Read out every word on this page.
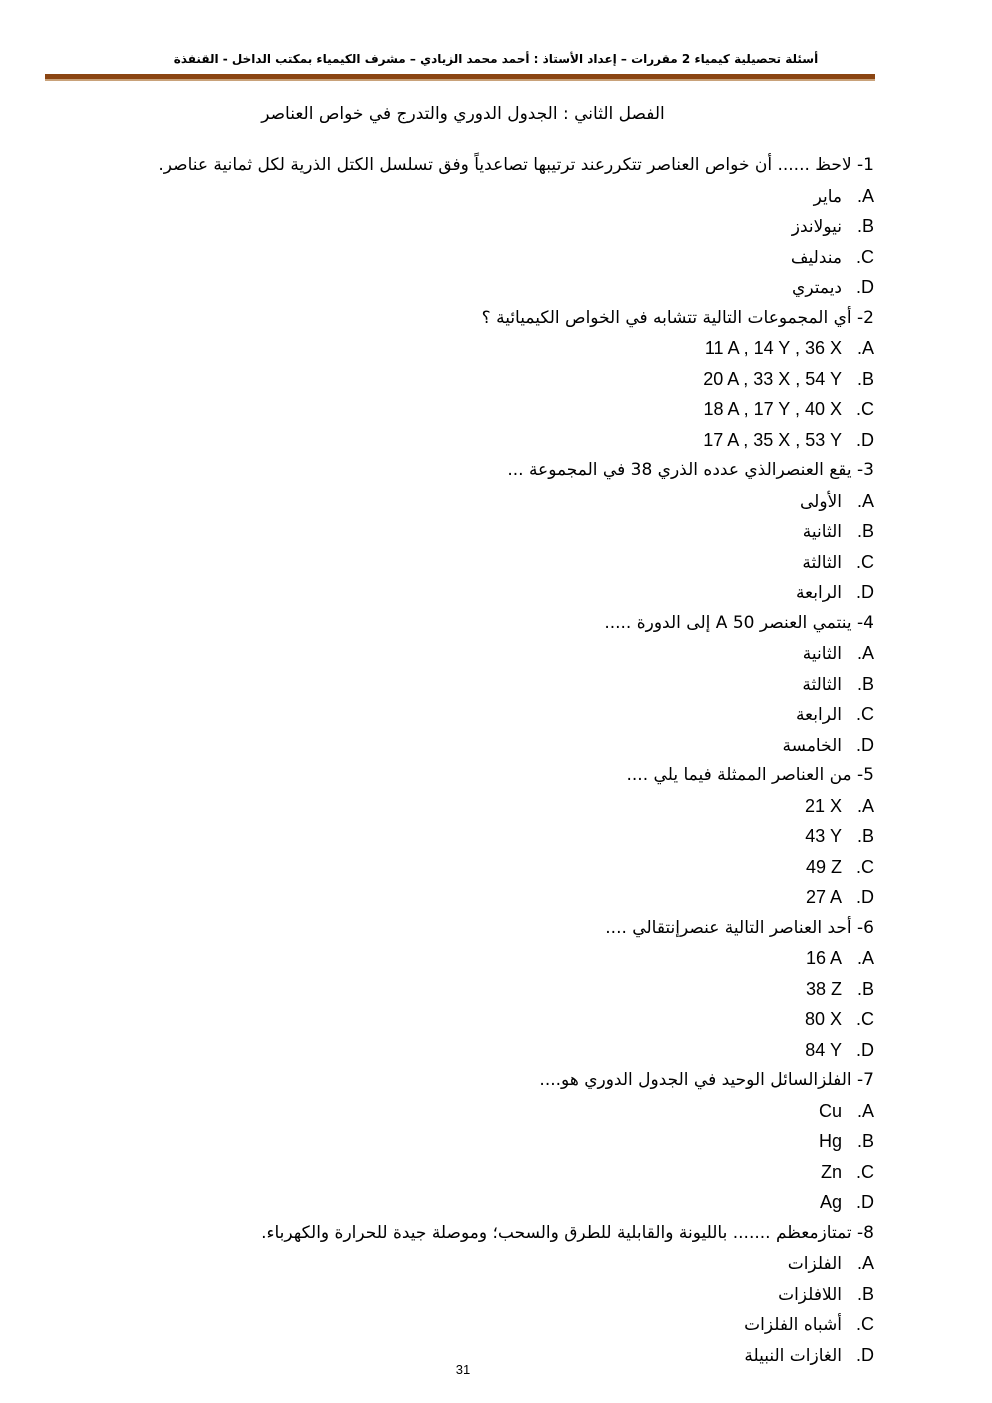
أسئلة تحصيلية كيمياء 2 مقررات – إعداد الأستاذ : أحمد محمد الزيادي – مشرف الكيمياء بمكتب الداخل - القنفذة
الفصل الثاني : الجدول الدوري والتدرج في خواص العناصر
1- لاحظ ...... أن خواص العناصر تتكررعند ترتيبها تصاعدياً وفق تسلسل الكتل الذرية لكل ثمانية عناصر.
A.ماير
B.نيولاندز
C.مندليف
D.ديمتري
2- أي المجموعات التالية تتشابه في الخواص الكيميائية ؟
A.11 A , 14 Y , 36 X
B.20 A , 33 X , 54 Y
C.18 A , 17 Y , 40 X
D.17 A , 35 X , 53 Y
3- يقع العنصرالذي عدده الذري 38 في المجموعة ...
A.الأولى
B.الثانية
C.الثالثة
D.الرابعة
4- ينتمي العنصر 50 A إلى الدورة .....
A.الثانية
B.الثالثة
C.الرابعة
D.الخامسة
5- من العناصر الممثلة فيما يلي ....
A.21 X
B.43 Y
C.49 Z
D.27 A
6- أحد العناصر التالية عنصرإنتقالي ....
A.16 A
B.38 Z
C.80 X
D.84 Y
7- الفلزالسائل الوحيد في الجدول الدوري هو....
A.Cu
B.Hg
C.Zn
D.Ag
8- تمتازمعظم ....... بالليونة والقابلية للطرق والسحب؛ وموصلة جيدة للحرارة والكهرباء.
A.الفلزات
B.اللافلزات
C.أشباه الفلزات
D.الغازات النبيلة
31
